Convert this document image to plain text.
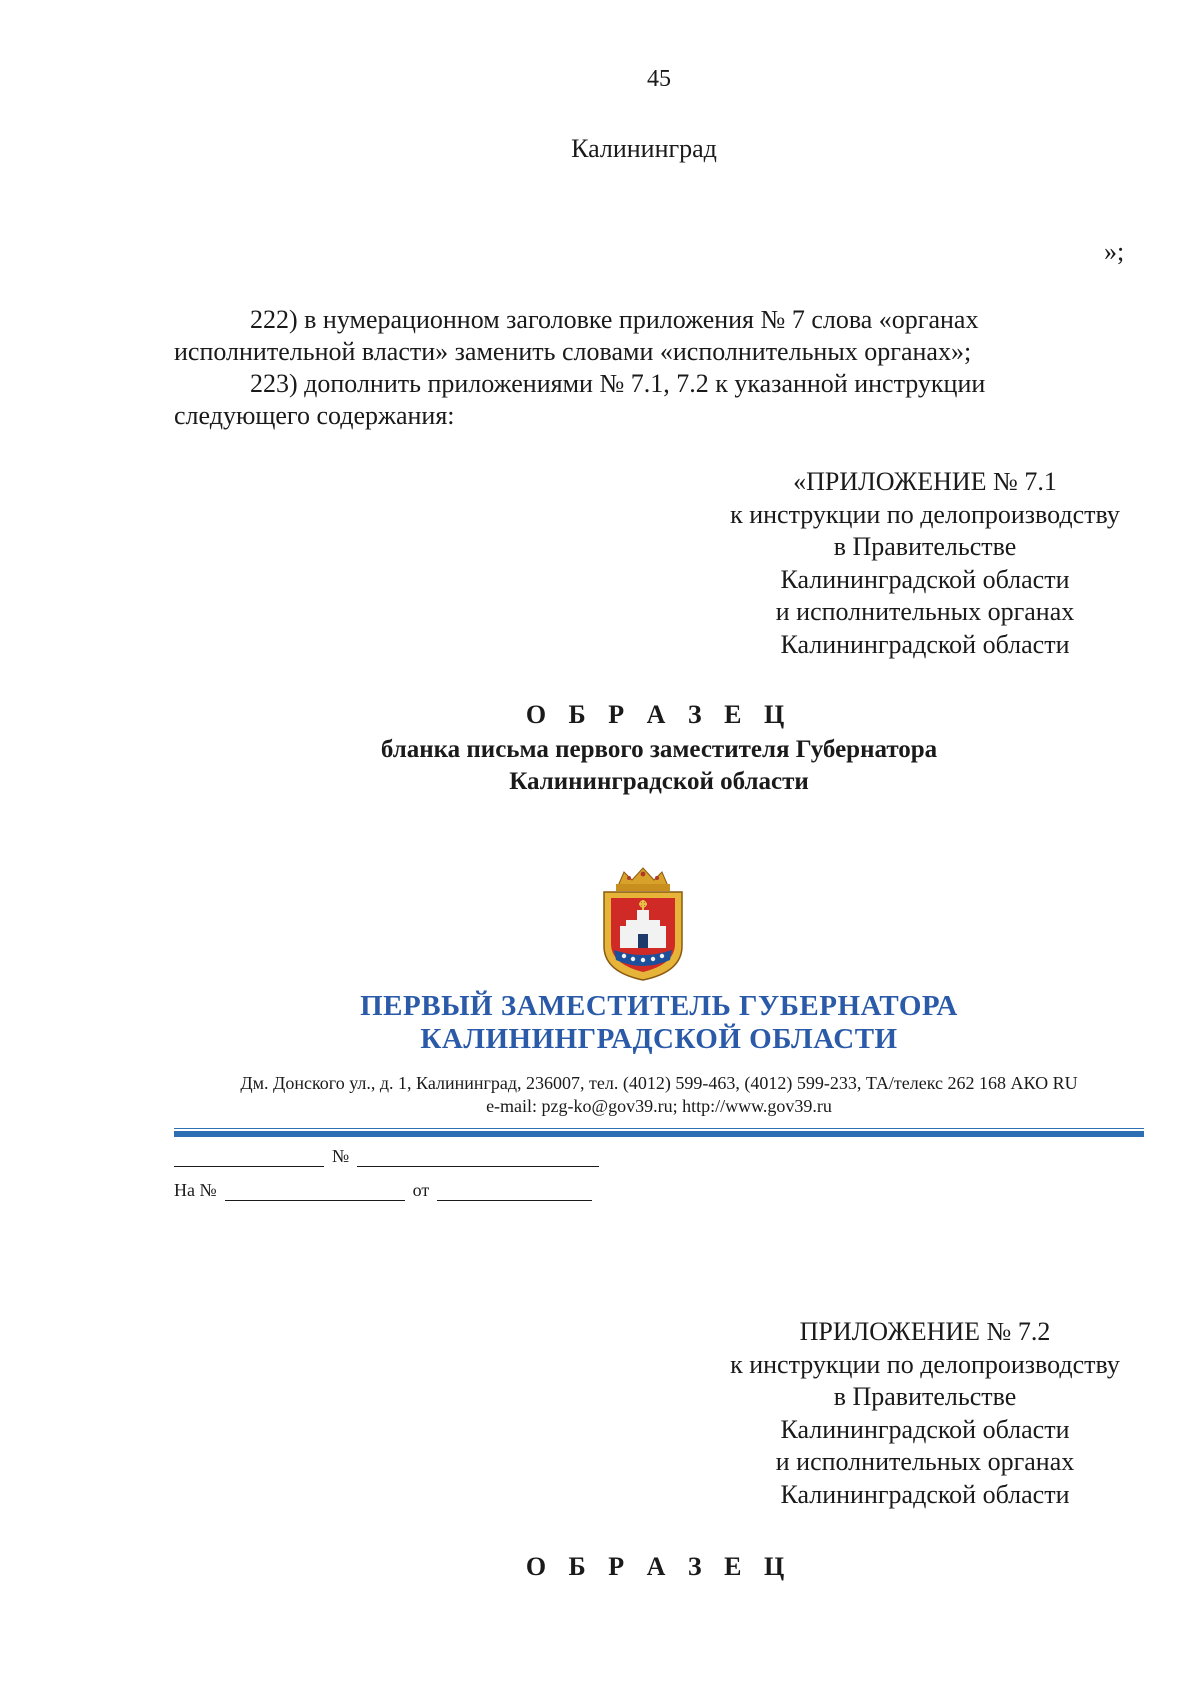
45
Калининград
»;
222) в нумерационном заголовке приложения № 7 слова «органах
исполнительной власти» заменить словами «исполнительных органах»;
223) дополнить приложениями № 7.1, 7.2 к указанной инструкции
следующего содержания:
«ПРИЛОЖЕНИЕ № 7.1
к инструкции по делопроизводству
в Правительстве
Калининградской области
и исполнительных органах
Калининградской области
О Б Р А З Е Ц
бланка письма первого заместителя Губернатора
Калининградской области
ПЕРВЫЙ ЗАМЕСТИТЕЛЬ ГУБЕРНАТОРА
КАЛИНИНГРАДСКОЙ ОБЛАСТИ
Дм. Донского ул., д. 1, Калининград, 236007, тел. (4012) 599-463, (4012) 599-233, ТА/телекс 262 168 АКО RU
e-mail: pzg-ko@gov39.ru; http://www.gov39.ru
№
На №	от
ПРИЛОЖЕНИЕ № 7.2
к инструкции по делопроизводству
в Правительстве
Калининградской области
и исполнительных органах
Калининградской области
О Б Р А З Е Ц
